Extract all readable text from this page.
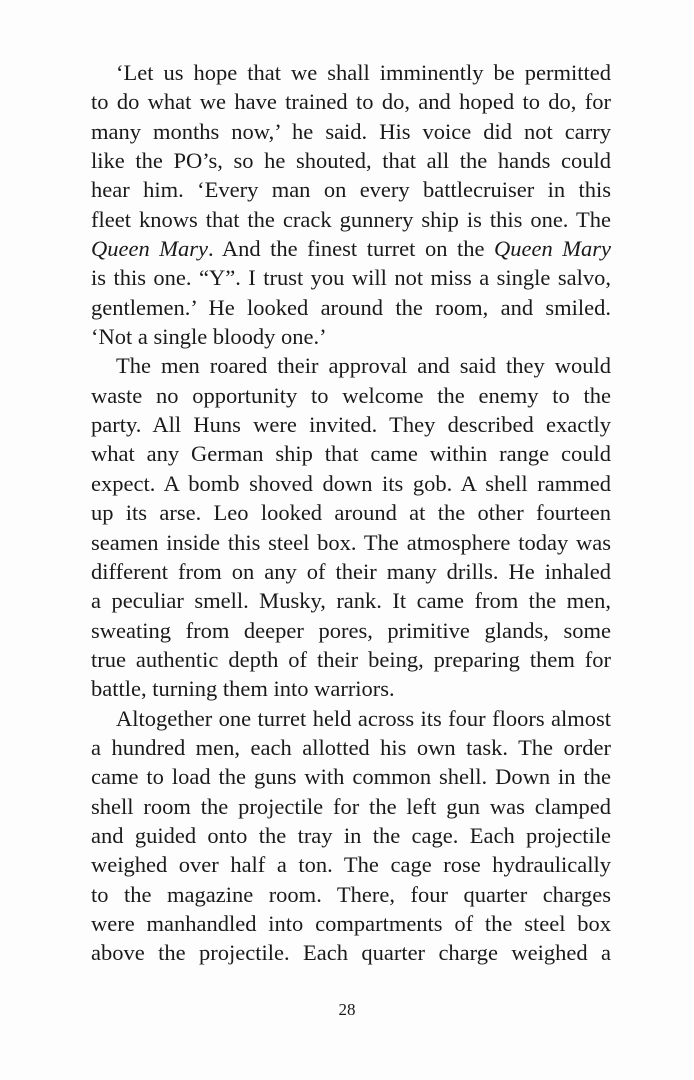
‘Let us hope that we shall imminently be permitted
to do what we have trained to do, and hoped to do, for
many months now,’ he said. His voice did not carry
like the PO’s, so he shouted, that all the hands could
hear him. ‘Every man on every battlecruiser in this
fleet knows that the crack gunnery ship is this one. The
Queen Mary. And the finest turret on the Queen Mary
is this one. “Y”. I trust you will not miss a single salvo,
gentlemen.’ He looked around the room, and smiled.
‘Not a single bloody one.’
The men roared their approval and said they would
waste no opportunity to welcome the enemy to the
party. All Huns were invited. They described exactly
what any German ship that came within range could
expect. A bomb shoved down its gob. A shell rammed
up its arse. Leo looked around at the other fourteen
seamen inside this steel box. The atmosphere today was
different from on any of their many drills. He inhaled
a peculiar smell. Musky, rank. It came from the men,
sweating from deeper pores, primitive glands, some
true authentic depth of their being, preparing them for
battle, turning them into warriors.
Altogether one turret held across its four floors almost
a hundred men, each allotted his own task. The order
came to load the guns with common shell. Down in the
shell room the projectile for the left gun was clamped
and guided onto the tray in the cage. Each projectile
weighed over half a ton. The cage rose hydraulically
to the magazine room. There, four quarter charges
were manhandled into compartments of the steel box
above the projectile. Each quarter charge weighed a
28
